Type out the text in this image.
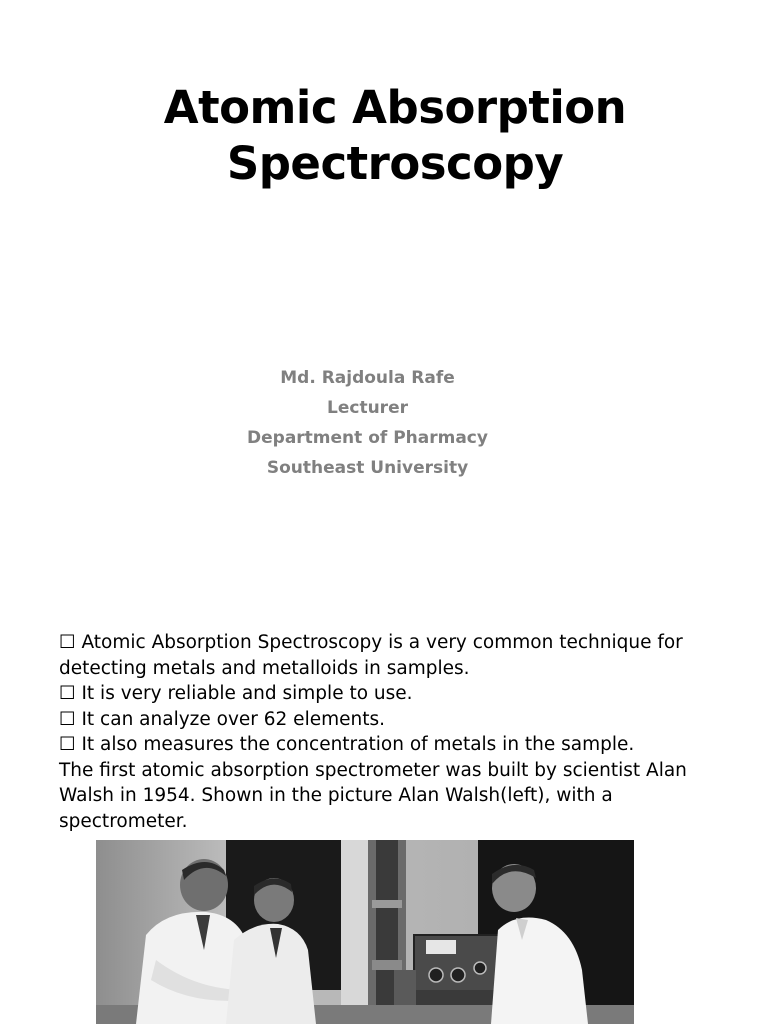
Atomic Absorption
Spectroscopy
Md. Rajdoula Rafe
Lecturer
Department of Pharmacy
Southeast University
☐ Atomic Absorption Spectroscopy is a very common technique for
detecting metals and metalloids in samples.
☐ It is very reliable and simple to use.
☐ It can analyze over 62 elements.
☐ It also measures the concentration of metals in the sample.
The first atomic absorption spectrometer was built by scientist Alan
Walsh in 1954. Shown in the picture Alan Walsh(left), with a
spectrometer.
